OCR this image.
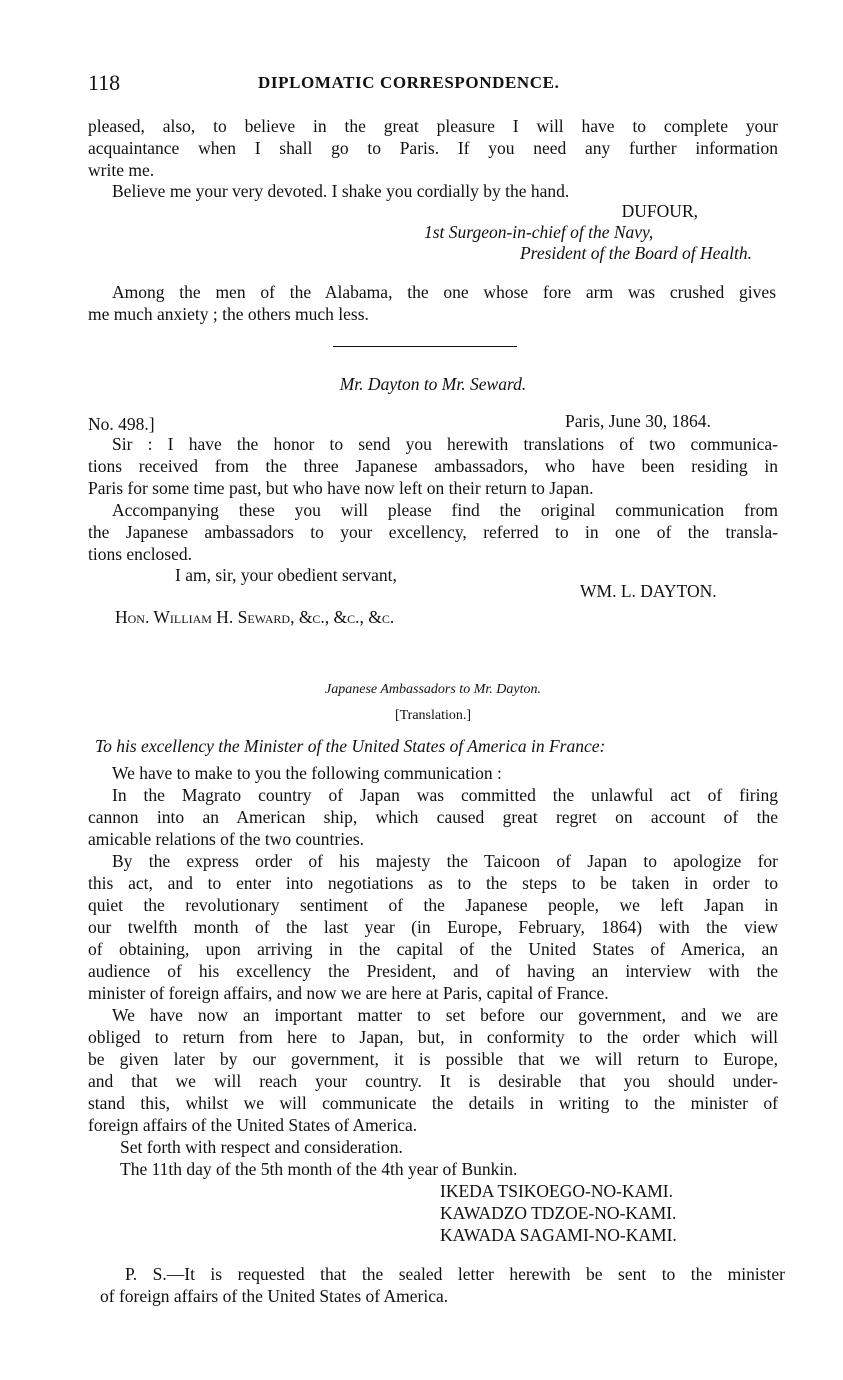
118	DIPLOMATIC CORRESPONDENCE.
pleased, also, to believe in the great pleasure I will have to complete your
acquaintance when I shall go to Paris. If you need any further information
write me.
Believe me your very devoted. I shake you cordially by the hand.
DUFOUR,
1st Surgeon-in-chief of the Navy,
President of the Board of Health.
Among the men of the Alabama, the one whose fore arm was crushed gives
me much anxiety ; the others much less.
Mr. Dayton to Mr. Seward.
No. 498.]	Paris, June 30, 1864.
Sir : I have the honor to send you herewith translations of two communica-
tions received from the three Japanese ambassadors, who have been residing in
Paris for some time past, but who have now left on their return to Japan.
Accompanying these you will please find the original communication from
the Japanese ambassadors to your excellency, referred to in one of the transla-
tions enclosed.
I am, sir, your obedient servant,
WM. L. DAYTON.
Hon. William H. Seward, &c., &c., &c.
Japanese Ambassadors to Mr. Dayton.
[Translation.]
To his excellency the Minister of the United States of America in France:
We have to make to you the following communication :
In the Magrato country of Japan was committed the unlawful act of firing
cannon into an American ship, which caused great regret on account of the
amicable relations of the two countries.
By the express order of his majesty the Taicoon of Japan to apologize for
this act, and to enter into negotiations as to the steps to be taken in order to
quiet the revolutionary sentiment of the Japanese people, we left Japan in
our twelfth month of the last year (in Europe, February, 1864) with the view
of obtaining, upon arriving in the capital of the United States of America, an
audience of his excellency the President, and of having an interview with the
minister of foreign affairs, and now we are here at Paris, capital of France.
We have now an important matter to set before our government, and we are
obliged to return from here to Japan, but, in conformity to the order which will
be given later by our government, it is possible that we will return to Europe,
and that we will reach your country. It is desirable that you should under-
stand this, whilst we will communicate the details in writing to the minister of
foreign affairs of the United States of America.
Set forth with respect and consideration.
The 11th day of the 5th month of the 4th year of Bunkin.
IKEDA TSIKOEGO-NO-KAMI.
KAWADZO TDZOE-NO-KAMI.
KAWADA SAGAMI-NO-KAMI.
P. S.—It is requested that the sealed letter herewith be sent to the minister
of foreign affairs of the United States of America.
